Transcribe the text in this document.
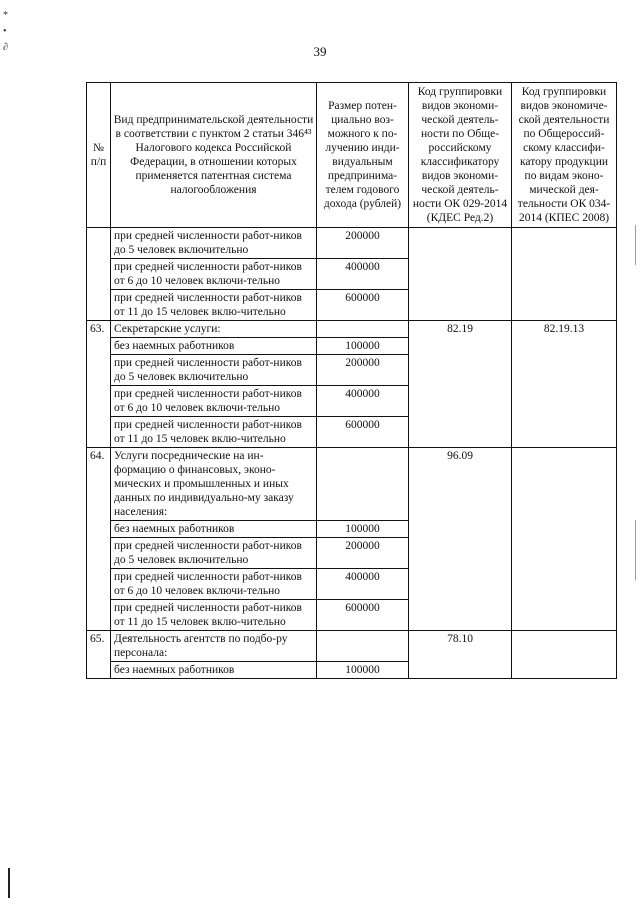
*
•
∂	39
№ п/п	Вид предпринимательской деятельности в соответствии с пунктом 2 статьи 346⁴³ Налогового кодекса Российской Федерации, в отношении которых применяется патентная система налогообложения	Размер потен-циально воз-можного к по-лучению инди-видуальным предпринима-телем годового дохода (рублей)	Код группировки видов экономи-ческой деятель-ности по Обще-российскому классификатору видов экономи-ческой деятель-ности ОК 029-2014 (КДЕС Ред.2)	Код группировки видов экономиче-ской деятельности по Общероссий-скому классифи-катору продукции по видам эконо-мической дея-тельности ОК 034-2014 (КПЕС 2008)
	при средней численности работ-ников до 5 человек включительно	200000		
	при средней численности работ-ников от 6 до 10 человек включи-тельно	400000		
	при средней численности работ-ников от 11 до 15 человек вклю-чительно	600000		
63.	Секретарские услуги:		82.19	82.19.13
	без наемных работников	100000		
	при средней численности работ-ников до 5 человек включительно	200000		
	при средней численности работ-ников от 6 до 10 человек включи-тельно	400000		
	при средней численности работ-ников от 11 до 15 человек вклю-чительно	600000		
64.	Услуги посреднические на ин-формацию о финансовых, эконо-мических и промышленных и иных данных по индивидуально-му заказу населения:		96.09	
	без наемных работников	100000		
	при средней численности работ-ников до 5 человек включительно	200000		
	при средней численности работ-ников от 6 до 10 человек включи-тельно	400000		
	при средней численности работ-ников от 11 до 15 человек вклю-чительно	600000		
65.	Деятельность агентств по подбо-ру персонала:		78.10	
	без наемных работников	100000		
